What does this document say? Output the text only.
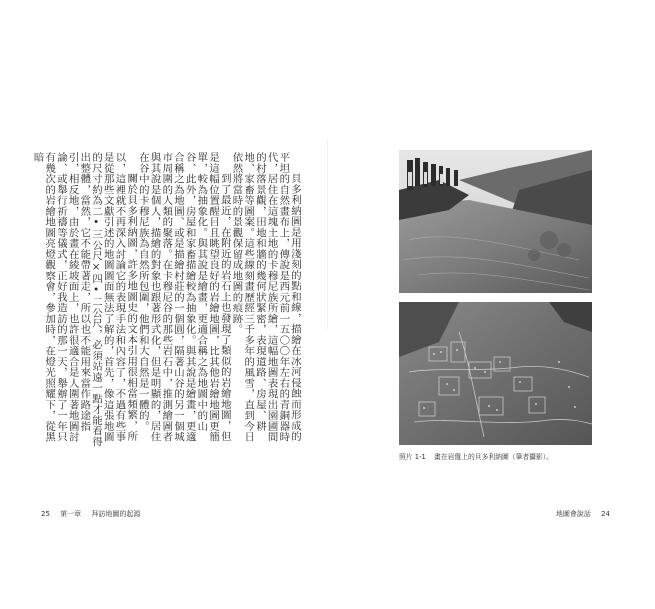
貝多利納圖是用淺刻的點和線，描繪在冰河侵蝕而形成的平坦的自然畫布上，傳說是西元前一五〇〇年左右的青銅器時代，居住在這塊土地的卡穆尼族所繪，這幅地圖表現出園圃間的村落景觀，田地和牆的幾何狀緊密，表現道路、房屋、耕地、家畜等圖案。這些線刻畫歷經三千多年的風雪，直到今日依然將當時的景觀保留成地圖的痕跡。

到了最近，在附近的岩石上也發現了類似的岩繪地圖，但是這幅位置醒目且眺望良好的岩繪地圖，比其他岩繪地圖更簡單，較為抽象化。與其說是繪畫，更適合稱之為地圖中的山谷、此外，房屋和家畜描繪較為抽象化。與其說是繪畫，更適合稱之為地圖、或是描繪村莊的一個圓，隔著山谷的另一個城市周圍的人類的聚落。在卡穆尼谷的那些岩石中，推測繪圖者與其說是個人，描繪的對象也跟著形式化，但是明顯的，居住在谷中的卡穆尼族為自然所包圍，他們和大自然是一體的。

關於貝多利納圖，許多地圖史的文本引用很相當頻繁，所以，這裡就不再深入討論它的表現手法和內容了，不過有些事是從那些文獻引述的地圖圖面無法了解的，首先，像這張地圖的尺寸約為二•三公尺×四•二公尺，必須站遠一點才能看得出整體，當然，它不能帶著走，所以也不能用來當作路途指引，相反地，由於畫在綾坡面上，也許很適合是人圍著地圖討論、或舉行祈禱等儀式，正好我造訪的那一天，舉辦了一年只有幾次的岩繪地圖亮燈觀察會，參加時，在燈光照耀下，從黑暗

照片 1-1 畫在岩盤上的貝多利納圖（筆者攝影）。
25 第一章 拜訪地圖的起源	地圖會說話 24
